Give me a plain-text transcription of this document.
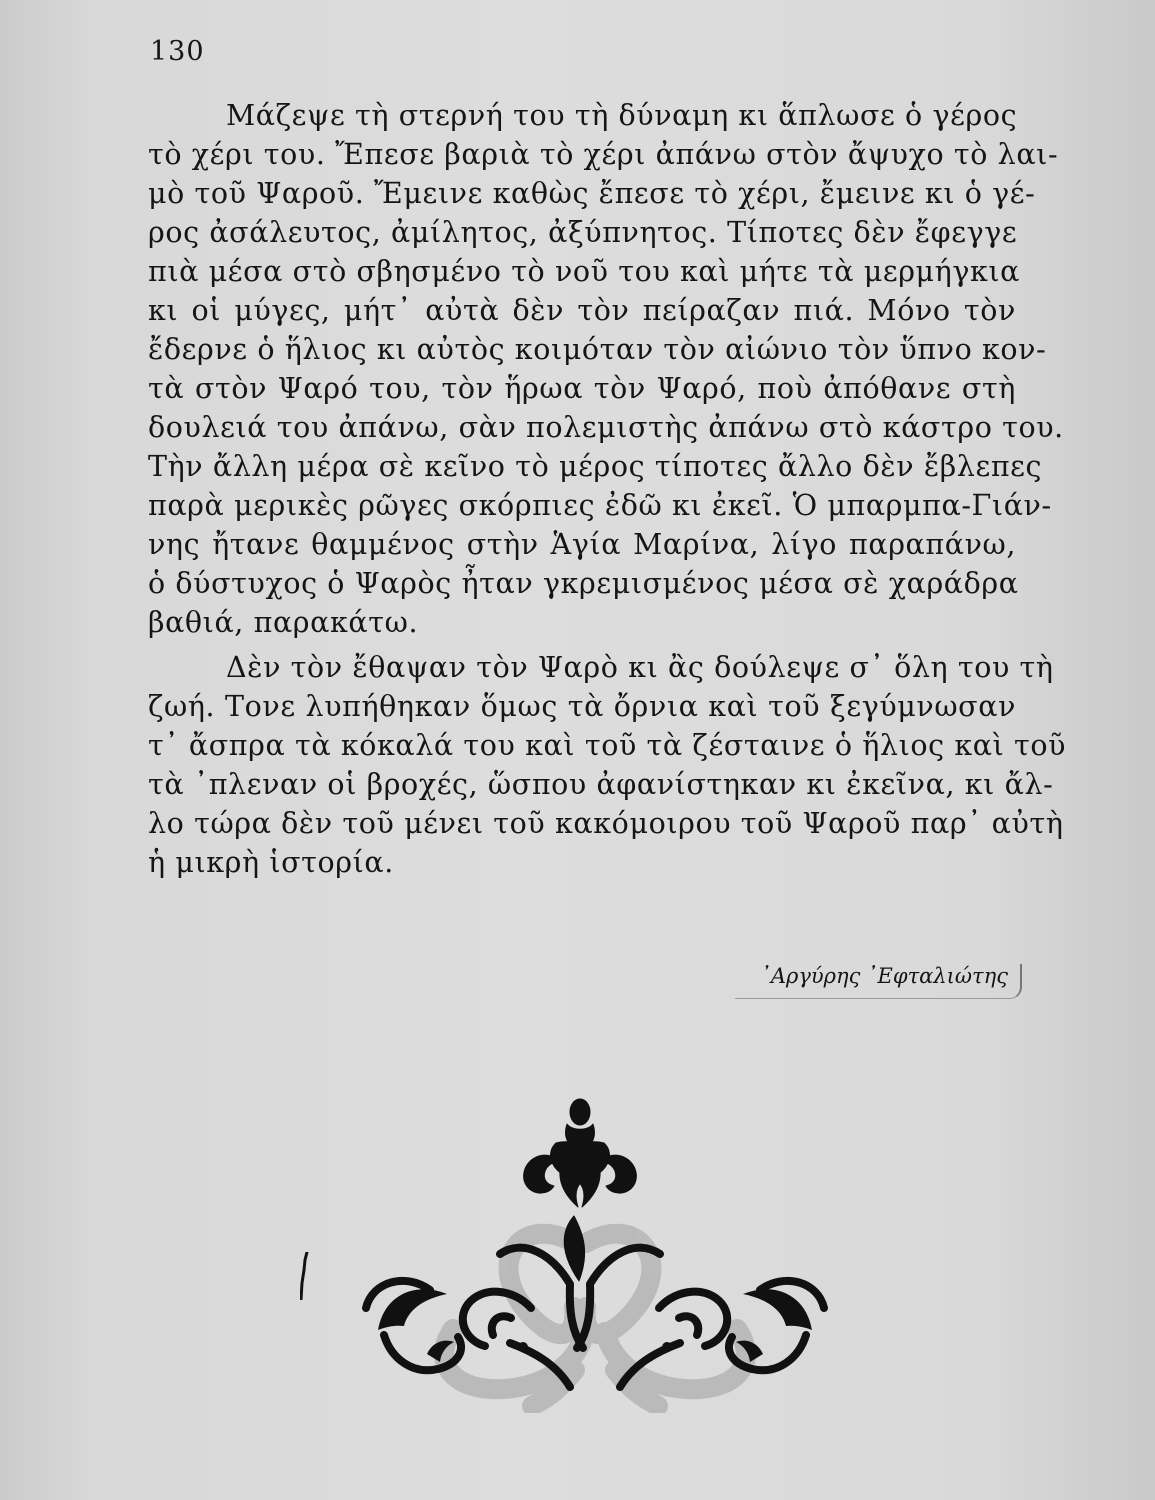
130
Μάζεψε τὴ στερνή του τὴ δύναμη κι ἅπλωσε ὁ γέρος
τὸ χέρι του. Ἔπεσε βαριὰ τὸ χέρι ἀπάνω στὸν ἄψυχο τὸ λαι-
μὸ τοῦ Ψαροῦ. Ἔμεινε καθὼς ἔπεσε τὸ χέρι, ἔμεινε κι ὁ γέ-
ρος ἀσάλευτος, ἀμίλητος, ἀξύπνητος. Τίποτες δὲν ἔφεγγε
πιὰ μέσα στὸ σβησμένο τὸ νοῦ του καὶ μήτε τὰ μερμήγκια
κι οἱ μύγες, μήτ᾽ αὐτὰ δὲν τὸν πείραζαν πιά. Μόνο τὸν
ἔδερνε ὁ ἥλιος κι αὐτὸς κοιμόταν τὸν αἰώνιο τὸν ὕπνο κον-
τὰ στὸν Ψαρό του, τὸν ἥρωα τὸν Ψαρό, ποὺ ἀπόθανε στὴ
δουλειά του ἀπάνω, σὰν πολεμιστὴς ἀπάνω στὸ κάστρο του.
Τὴν ἄλλη μέρα σὲ κεῖνο τὸ μέρος τίποτες ἄλλο δὲν ἔβλεπες
παρὰ μερικὲς ρῶγες σκόρπιες ἐδῶ κι ἐκεῖ. Ὁ μπαρμπα-Γιάν-
νης ἤτανε θαμμένος στὴν Ἁγία Μαρίνα, λίγο παραπάνω,
ὁ δύστυχος ὁ Ψαρὸς ἦταν γκρεμισμένος μέσα σὲ χαράδρα
βαθιά, παρακάτω.
Δὲν τὸν ἔθαψαν τὸν Ψαρὸ κι ἂς δούλεψε σ᾽ ὅλη του τὴ
ζωή. Τονε λυπήθηκαν ὅμως τὰ ὄρνια καὶ τοῦ ξεγύμνωσαν
τ᾽ ἄσπρα τὰ κόκαλά του καὶ τοῦ τὰ ζέσταινε ὁ ἥλιος καὶ τοῦ
τὰ ᾽πλεναν οἱ βροχές, ὥσπου ἀφανίστηκαν κι ἐκεῖνα, κι ἄλ-
λο τώρα δὲν τοῦ μένει τοῦ κακόμοιρου τοῦ Ψαροῦ παρ᾽ αὐτὴ
ἡ μικρὴ ἱστορία.
᾽Αργύρης ᾽Εφταλιώτης
